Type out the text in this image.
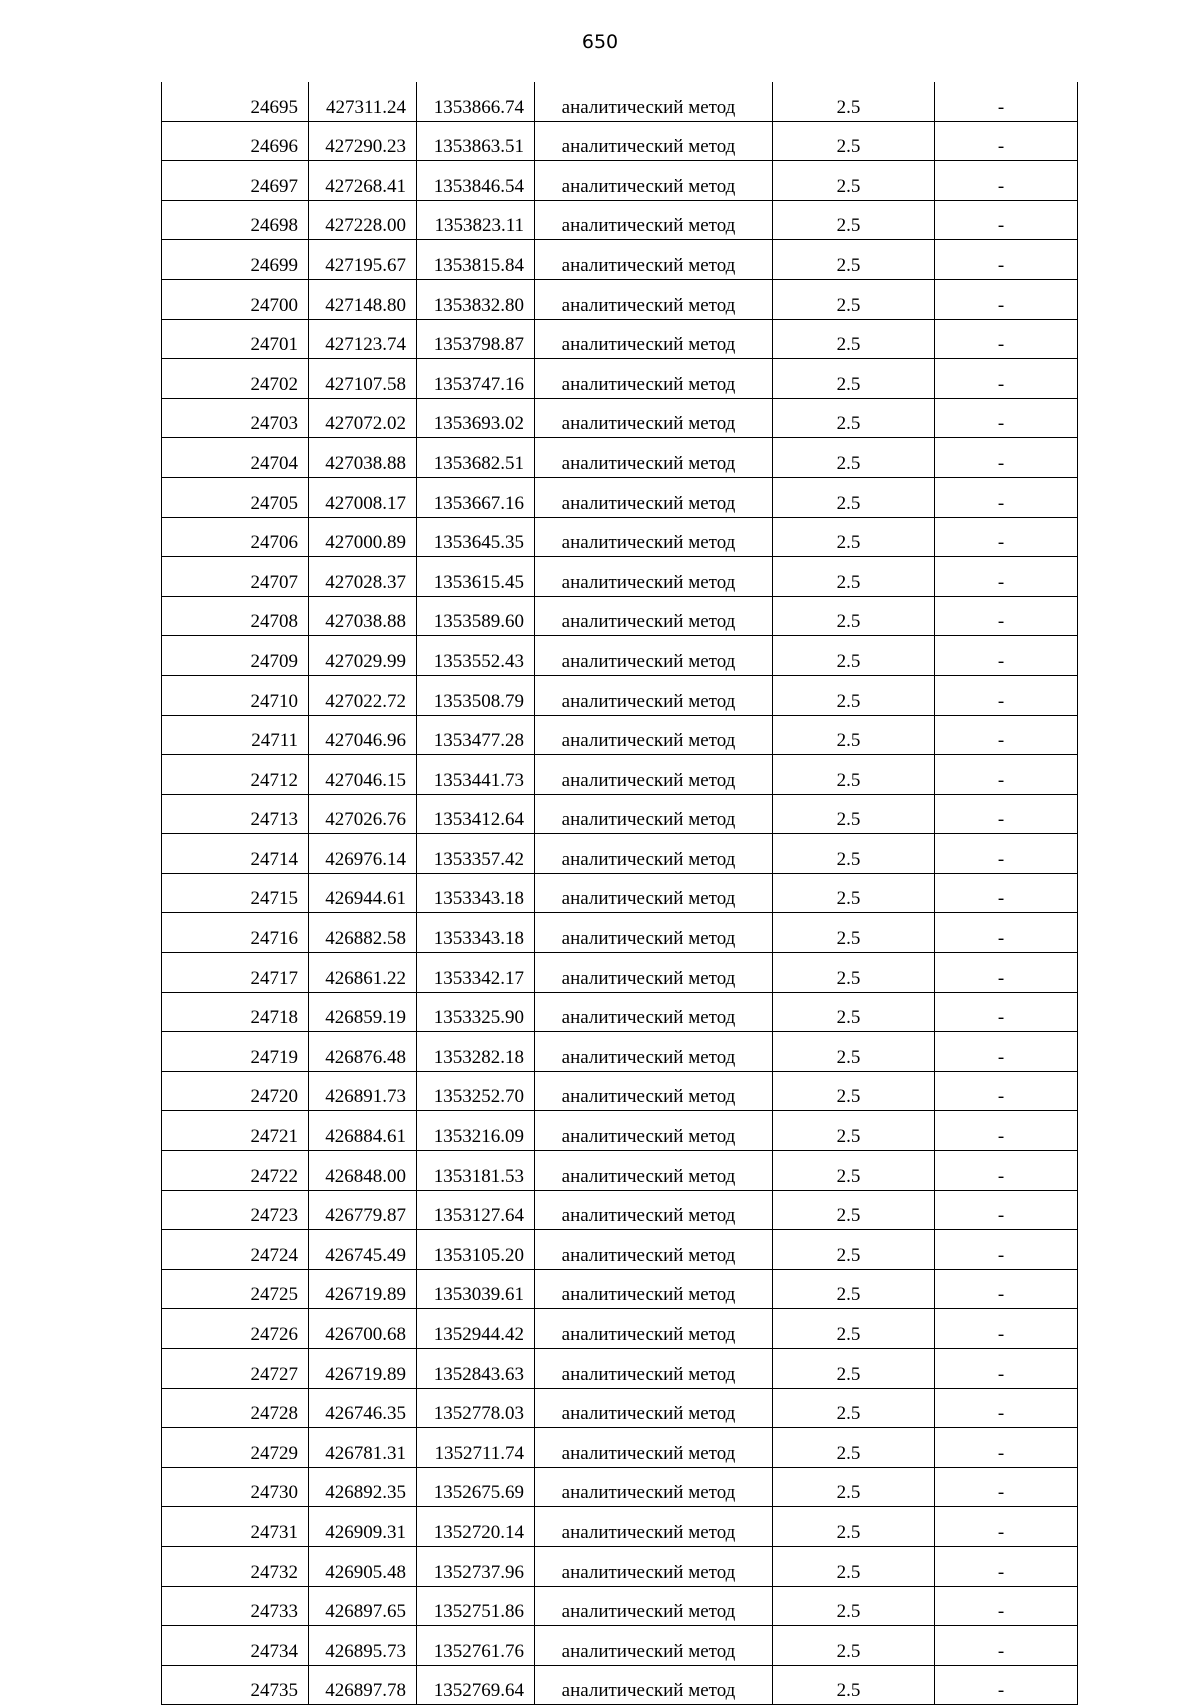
650
24695	427311.24	1353866.74	аналитический метод	2.5	-
24696	427290.23	1353863.51	аналитический метод	2.5	-
24697	427268.41	1353846.54	аналитический метод	2.5	-
24698	427228.00	1353823.11	аналитический метод	2.5	-
24699	427195.67	1353815.84	аналитический метод	2.5	-
24700	427148.80	1353832.80	аналитический метод	2.5	-
24701	427123.74	1353798.87	аналитический метод	2.5	-
24702	427107.58	1353747.16	аналитический метод	2.5	-
24703	427072.02	1353693.02	аналитический метод	2.5	-
24704	427038.88	1353682.51	аналитический метод	2.5	-
24705	427008.17	1353667.16	аналитический метод	2.5	-
24706	427000.89	1353645.35	аналитический метод	2.5	-
24707	427028.37	1353615.45	аналитический метод	2.5	-
24708	427038.88	1353589.60	аналитический метод	2.5	-
24709	427029.99	1353552.43	аналитический метод	2.5	-
24710	427022.72	1353508.79	аналитический метод	2.5	-
24711	427046.96	1353477.28	аналитический метод	2.5	-
24712	427046.15	1353441.73	аналитический метод	2.5	-
24713	427026.76	1353412.64	аналитический метод	2.5	-
24714	426976.14	1353357.42	аналитический метод	2.5	-
24715	426944.61	1353343.18	аналитический метод	2.5	-
24716	426882.58	1353343.18	аналитический метод	2.5	-
24717	426861.22	1353342.17	аналитический метод	2.5	-
24718	426859.19	1353325.90	аналитический метод	2.5	-
24719	426876.48	1353282.18	аналитический метод	2.5	-
24720	426891.73	1353252.70	аналитический метод	2.5	-
24721	426884.61	1353216.09	аналитический метод	2.5	-
24722	426848.00	1353181.53	аналитический метод	2.5	-
24723	426779.87	1353127.64	аналитический метод	2.5	-
24724	426745.49	1353105.20	аналитический метод	2.5	-
24725	426719.89	1353039.61	аналитический метод	2.5	-
24726	426700.68	1352944.42	аналитический метод	2.5	-
24727	426719.89	1352843.63	аналитический метод	2.5	-
24728	426746.35	1352778.03	аналитический метод	2.5	-
24729	426781.31	1352711.74	аналитический метод	2.5	-
24730	426892.35	1352675.69	аналитический метод	2.5	-
24731	426909.31	1352720.14	аналитический метод	2.5	-
24732	426905.48	1352737.96	аналитический метод	2.5	-
24733	426897.65	1352751.86	аналитический метод	2.5	-
24734	426895.73	1352761.76	аналитический метод	2.5	-
24735	426897.78	1352769.64	аналитический метод	2.5	-
